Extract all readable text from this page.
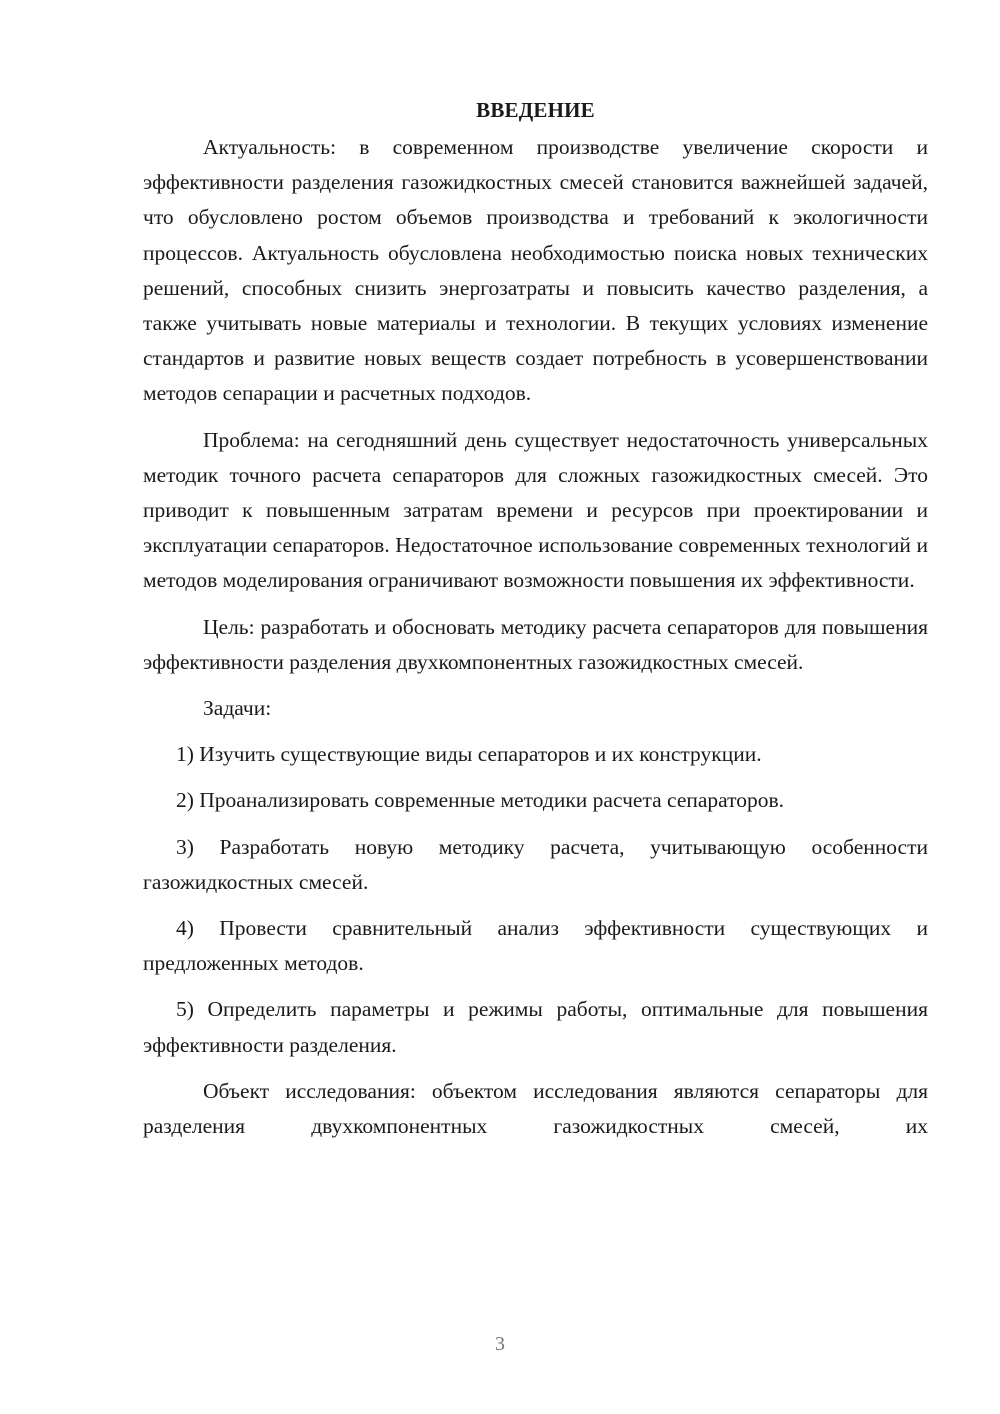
ВВЕДЕНИЕ

Актуальность: в современном производстве увеличение скорости и эффективности разделения газожидкостных смесей становится важнейшей задачей, что обусловлено ростом объемов производства и требований к экологичности процессов. Актуальность обусловлена необходимостью поиска новых технических решений, способных снизить энергозатраты и повысить качество разделения, а также учитывать новые материалы и технологии. В текущих условиях изменение стандартов и развитие новых веществ создает потребность в усовершенствовании методов сепарации и расчетных подходов.

Проблема: на сегодняшний день существует недостаточность универсальных методик точного расчета сепараторов для сложных газожидкостных смесей. Это приводит к повышенным затратам времени и ресурсов при проектировании и эксплуатации сепараторов. Недостаточное использование современных технологий и методов моделирования ограничивают возможности повышения их эффективности.

Цель: разработать и обосновать методику расчета сепараторов для повышения эффективности разделения двухкомпонентных газожидкостных смесей.

Задачи:

1) Изучить существующие виды сепараторов и их конструкции.

2) Проанализировать современные методики расчета сепараторов.

3) Разработать новую методику расчета, учитывающую особенности газожидкостных смесей.

4) Провести сравнительный анализ эффективности существующих и предложенных методов.

5) Определить параметры и режимы работы, оптимальные для повышения эффективности разделения.

Объект исследования: объектом исследования являются сепараторы для разделения двухкомпонентных газожидкостных смесей, их

3
